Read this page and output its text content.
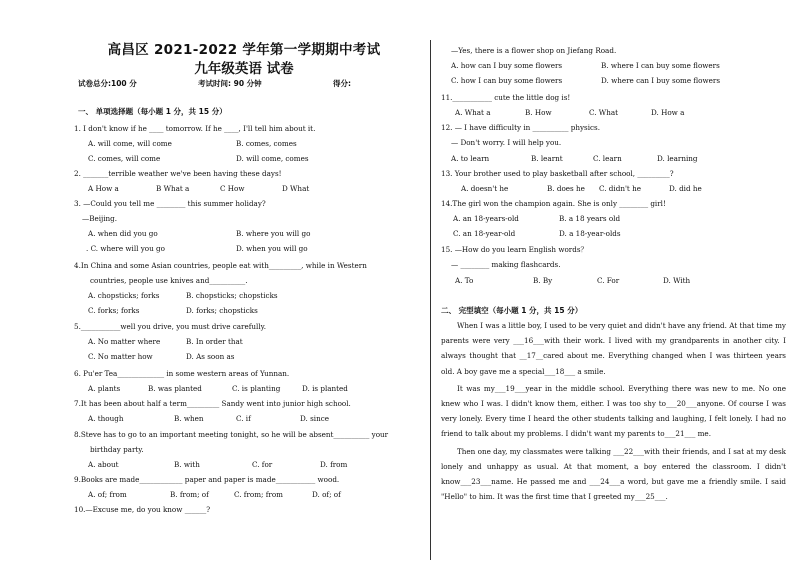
高昌区 2021-2022 学年第一学期期中考试
九年级英语 试卷
试卷总分:100 分	考试时间: 90 分钟	得分:
一、 单项选择题（每小题 1 分，共 15 分）
1. I don't know if he ____ tomorrow. If he ____, I'll tell him about it.
A. will come, will come	B. comes, comes
C. comes, will come	D. will come, comes
2. _______terrible weather we've been having these days!
A How a	B What a	C How	D What
3. —Could you tell me ________ this summer holiday?
—Beijing.
A. when did you go	B. where you will go
. C. where will you go	D. when you will go
4.In China and some Asian countries, people eat with_________, while in Western
countries, people use knives and__________.
A. chopsticks; forks	B. chopsticks; chopsticks
C. forks; forks	D. forks; chopsticks
5.___________well you drive, you must drive carefully.
A. No matter where	B. In order that
C. No matter how	D. As soon as
6. Pu'er Tea_____________ in some western areas of Yunnan.
A. plants	B. was planted	C. is planting	D. is planted
7.It has been about half a term_________ Sandy went into junior high school.
A. though	B. when	C. if	D. since
8.Steve has to go to an important meeting tonight, so he will be absent__________ your
birthday party.
A. about	B. with	C. for	D. from
9.Books are made____________ paper and paper is made___________ wood.
A. of; from	B. from; of	C. from; from	D. of; of
10.—Excuse me, do you know ______?
—Yes, there is a flower shop on Jiefang Road.
A. how can I buy some flowers	B. where I can buy some flowers
C. how I can buy some flowers	D. where can I buy some flowers
11.___________ cute the little dog is!
A. What a	B. How	C. What	D. How a
12. — I have difficulty in __________ physics.
— Don't worry. I will help you.
A. to learn	B. learnt	C. learn	D. learning
13. Your brother used to play basketball after school, _________?
A. doesn't he	B. does he C. didn't he	D. did he
14.The girl won the champion again. She is only ________ girl!
A. an 18-years-old	B. a 18 years old
C. an 18-year-old	D. a 18-year-olds
15. —How do you learn English words？
— ________ making flashcards.
A. To	B. By	C. For	D. With
二、 完型填空（每小题 1 分，共 15 分）

When I was a little boy, I used to be very quiet and didn't have any friend. At that time my parents were very ___16___with their work. I lived with my grandparents in another city. I always thought that __17__cared about me. Everything changed when I was thirteen years old. A boy gave me a special___18___ a smile.

It was my___19___year in the middle school. Everything there was new to me. No one knew who I was. I didn't know them, either. I was too shy to___20___anyone. Of course I was very lonely. Every time I heard the other students talking and laughing, I felt lonely. I had no friend to talk about my problems. I didn't want my parents to___21___ me.

Then one day, my classmates were talking ___22___with their friends, and I sat at my desk lonely and unhappy as usual. At that moment, a boy entered the classroom. I didn't know___23___name. He passed me and ___24___a word, but gave me a friendly smile. I said "Hello" to him. It was the first time that I greeted my___25___.
